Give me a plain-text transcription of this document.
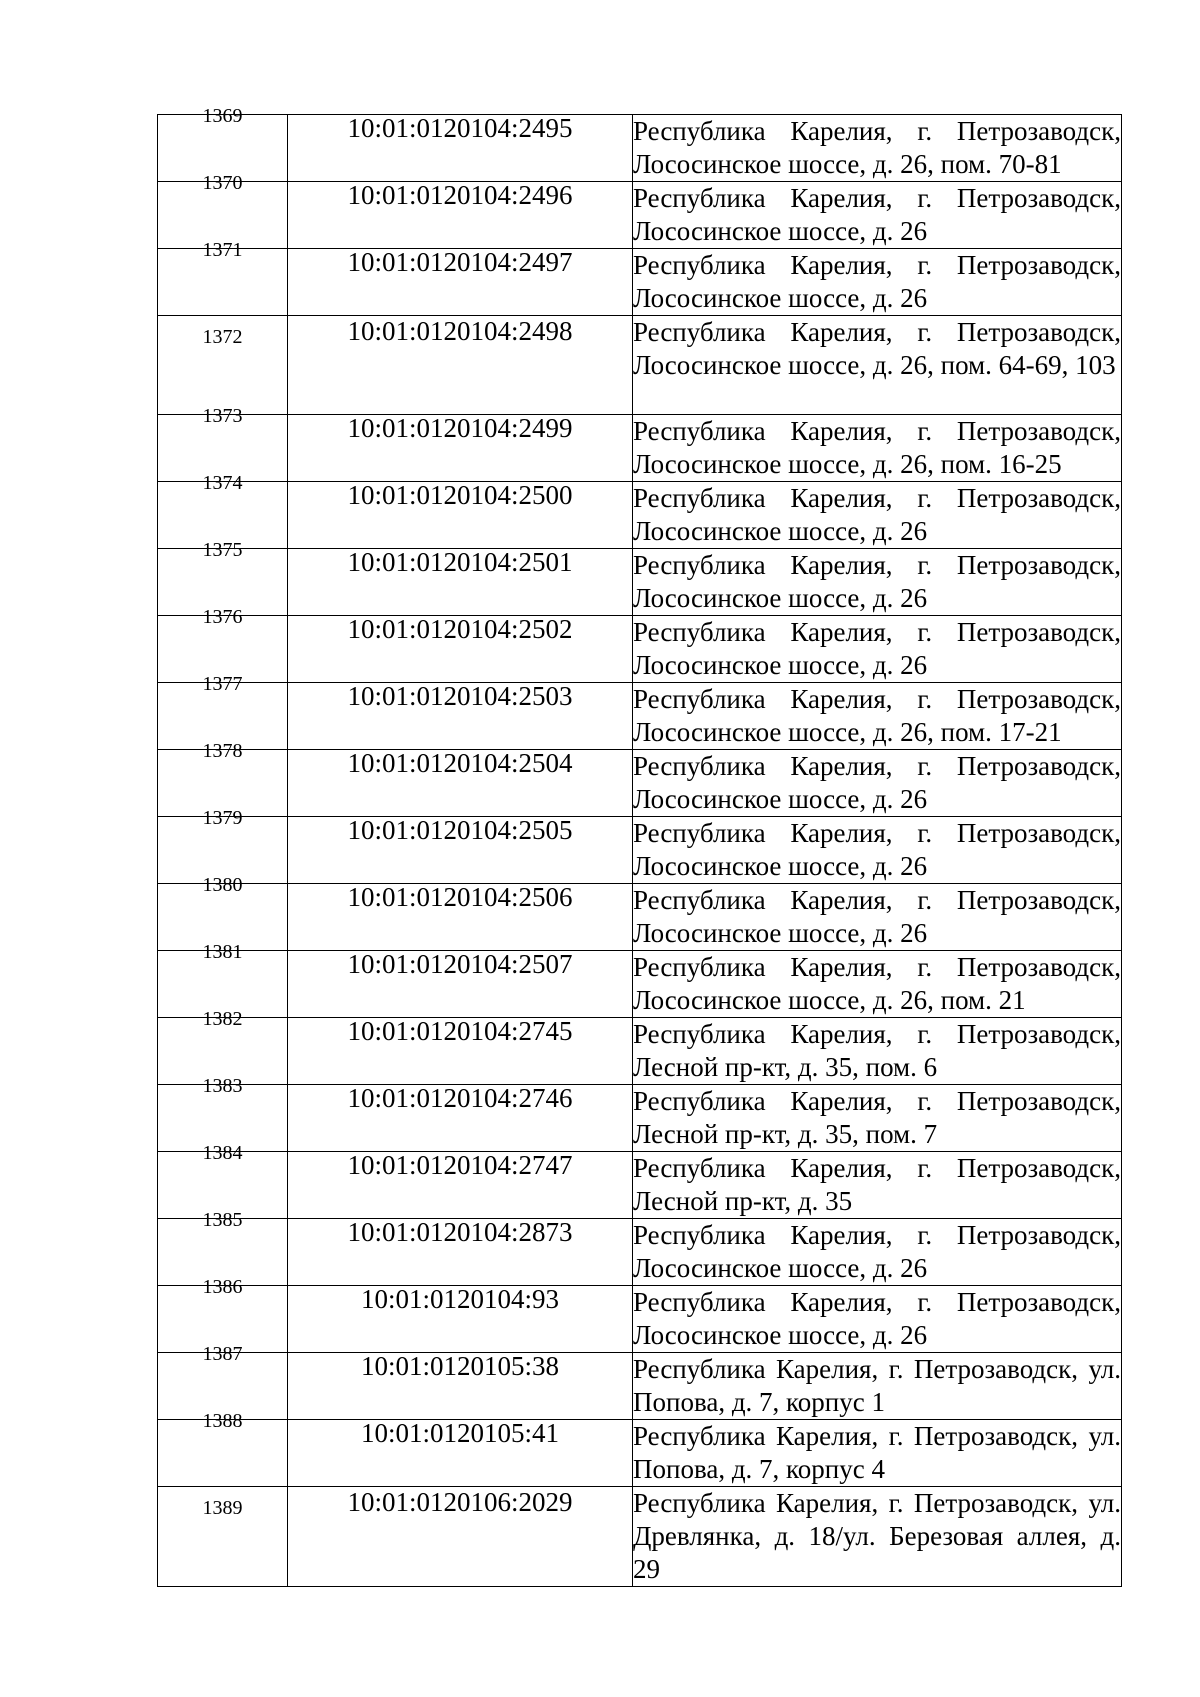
1369	10:01:0120104:2495	Республика Карелия, г. Петрозаводск, Лососинское шоссе, д. 26, пом. 70-81
1370	10:01:0120104:2496	Республика Карелия, г. Петрозаводск, Лососинское шоссе, д. 26
1371	10:01:0120104:2497	Республика Карелия, г. Петрозаводск, Лососинское шоссе, д. 26
1372	10:01:0120104:2498	Республика Карелия, г. Петрозаводск, Лососинское шоссе, д. 26, пом. 64-69, 103
1373	10:01:0120104:2499	Республика Карелия, г. Петрозаводск, Лососинское шоссе, д. 26, пом. 16-25
1374	10:01:0120104:2500	Республика Карелия, г. Петрозаводск, Лососинское шоссе, д. 26
1375	10:01:0120104:2501	Республика Карелия, г. Петрозаводск, Лососинское шоссе, д. 26
1376	10:01:0120104:2502	Республика Карелия, г. Петрозаводск, Лососинское шоссе, д. 26
1377	10:01:0120104:2503	Республика Карелия, г. Петрозаводск, Лососинское шоссе, д. 26, пом. 17-21
1378	10:01:0120104:2504	Республика Карелия, г. Петрозаводск, Лососинское шоссе, д. 26
1379	10:01:0120104:2505	Республика Карелия, г. Петрозаводск, Лососинское шоссе, д. 26
1380	10:01:0120104:2506	Республика Карелия, г. Петрозаводск, Лососинское шоссе, д. 26
1381	10:01:0120104:2507	Республика Карелия, г. Петрозаводск, Лососинское шоссе, д. 26, пом. 21
1382	10:01:0120104:2745	Республика Карелия, г. Петрозаводск, Лесной пр-кт, д. 35, пом. 6
1383	10:01:0120104:2746	Республика Карелия, г. Петрозаводск, Лесной пр-кт, д. 35, пом. 7
1384	10:01:0120104:2747	Республика Карелия, г. Петрозаводск, Лесной пр-кт, д. 35
1385	10:01:0120104:2873	Республика Карелия, г. Петрозаводск, Лососинское шоссе, д. 26
1386	10:01:0120104:93	Республика Карелия, г. Петрозаводск, Лососинское шоссе, д. 26
1387	10:01:0120105:38	Республика Карелия, г. Петрозаводск, ул. Попова, д. 7, корпус 1
1388	10:01:0120105:41	Республика Карелия, г. Петрозаводск, ул. Попова, д. 7, корпус 4
1389	10:01:0120106:2029	Республика Карелия, г. Петрозаводск, ул. Древлянка, д. 18/ул. Березовая аллея, д. 29
